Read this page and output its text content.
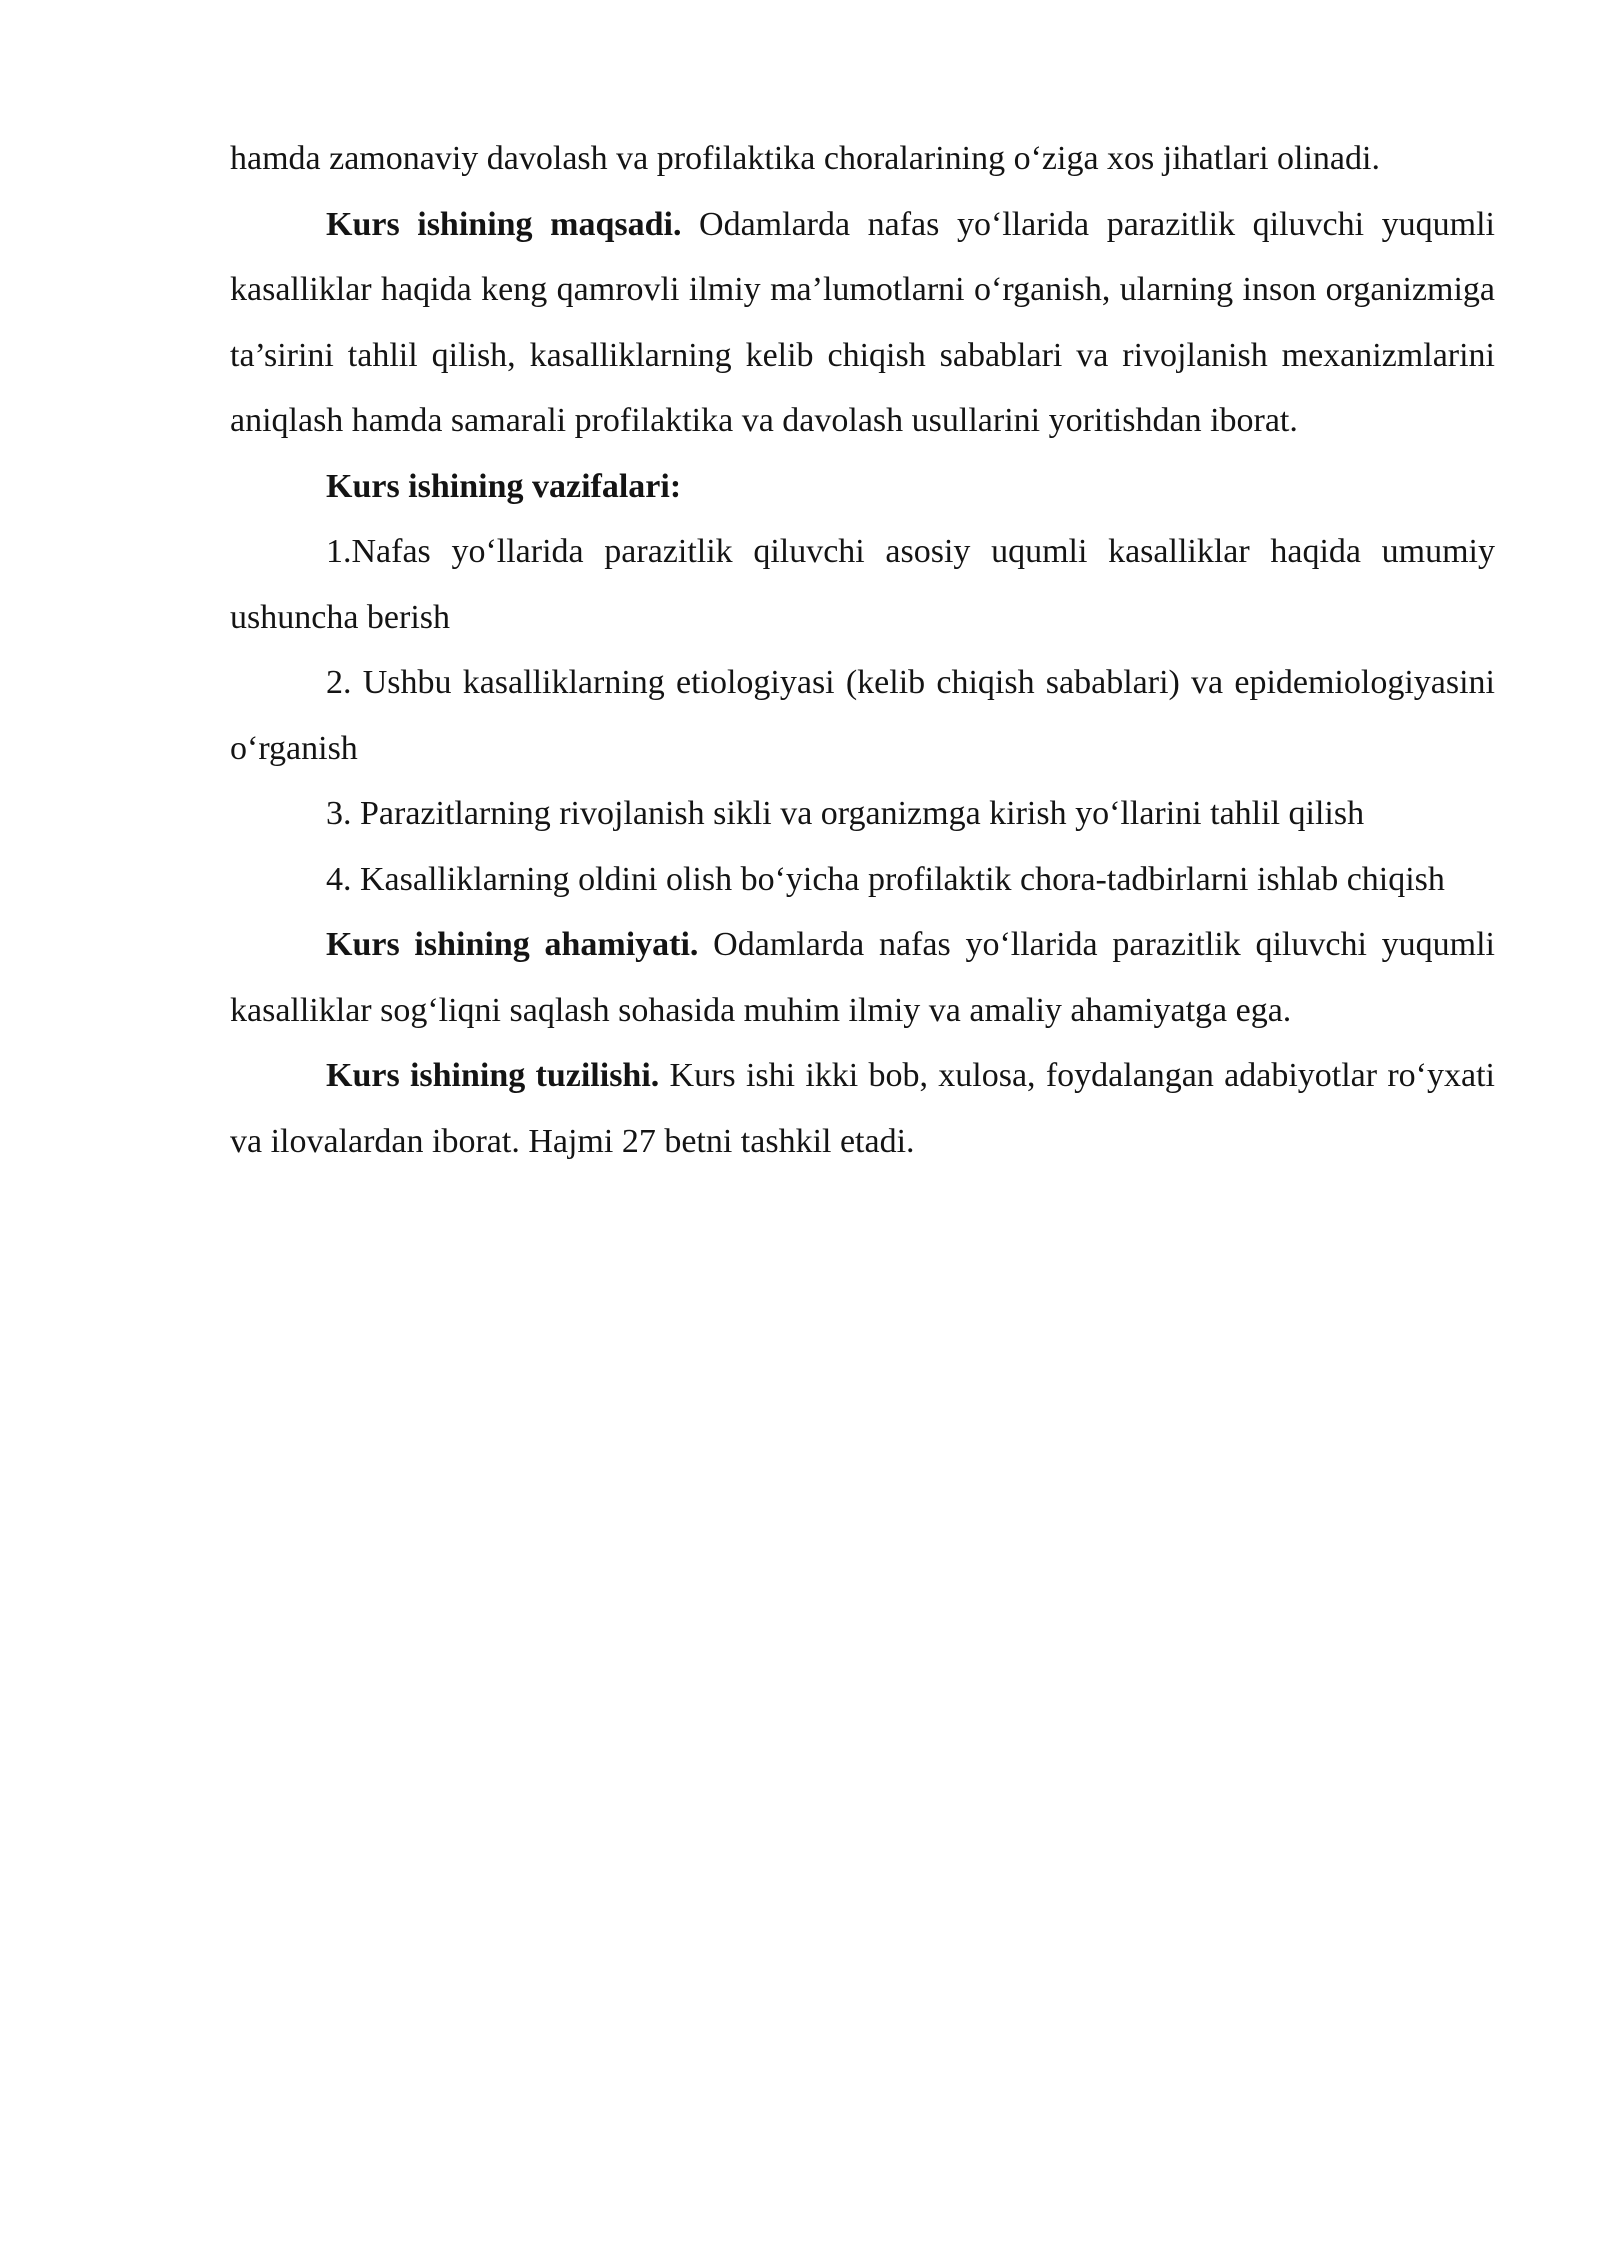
hamda zamonaviy davolash va profilaktika choralarining o‘ziga xos jihatlari olinadi.

Kurs ishining maqsadi. Odamlarda nafas yo‘llarida parazitlik qiluvchi yuqumli kasalliklar haqida keng qamrovli ilmiy ma’lumotlarni o‘rganish, ularning inson organizmiga ta’sirini tahlil qilish, kasalliklarning kelib chiqish sabablari va rivojlanish mexanizmlarini aniqlash hamda samarali profilaktika va davolash usullarini yoritishdan iborat.

Kurs ishining vazifalari:

1.Nafas yo‘llarida parazitlik qiluvchi asosiy uqumli kasalliklar haqida umumiy ushuncha berish

2. Ushbu kasalliklarning etiologiyasi (kelib chiqish sabablari) va epidemiologiyasini o‘rganish

3. Parazitlarning rivojlanish sikli va organizmga kirish yo‘llarini tahlil qilish

4. Kasalliklarning oldini olish bo‘yicha profilaktik chora-tadbirlarni ishlab chiqish

Kurs ishining ahamiyati. Odamlarda nafas yo‘llarida parazitlik qiluvchi yuqumli kasalliklar sog‘liqni saqlash sohasida muhim ilmiy va amaliy ahamiyatga ega.

Kurs ishining tuzilishi. Kurs ishi ikki bob, xulosa, foydalangan adabiyotlar ro‘yxati va ilovalardan iborat. Hajmi 27 betni tashkil etadi.
